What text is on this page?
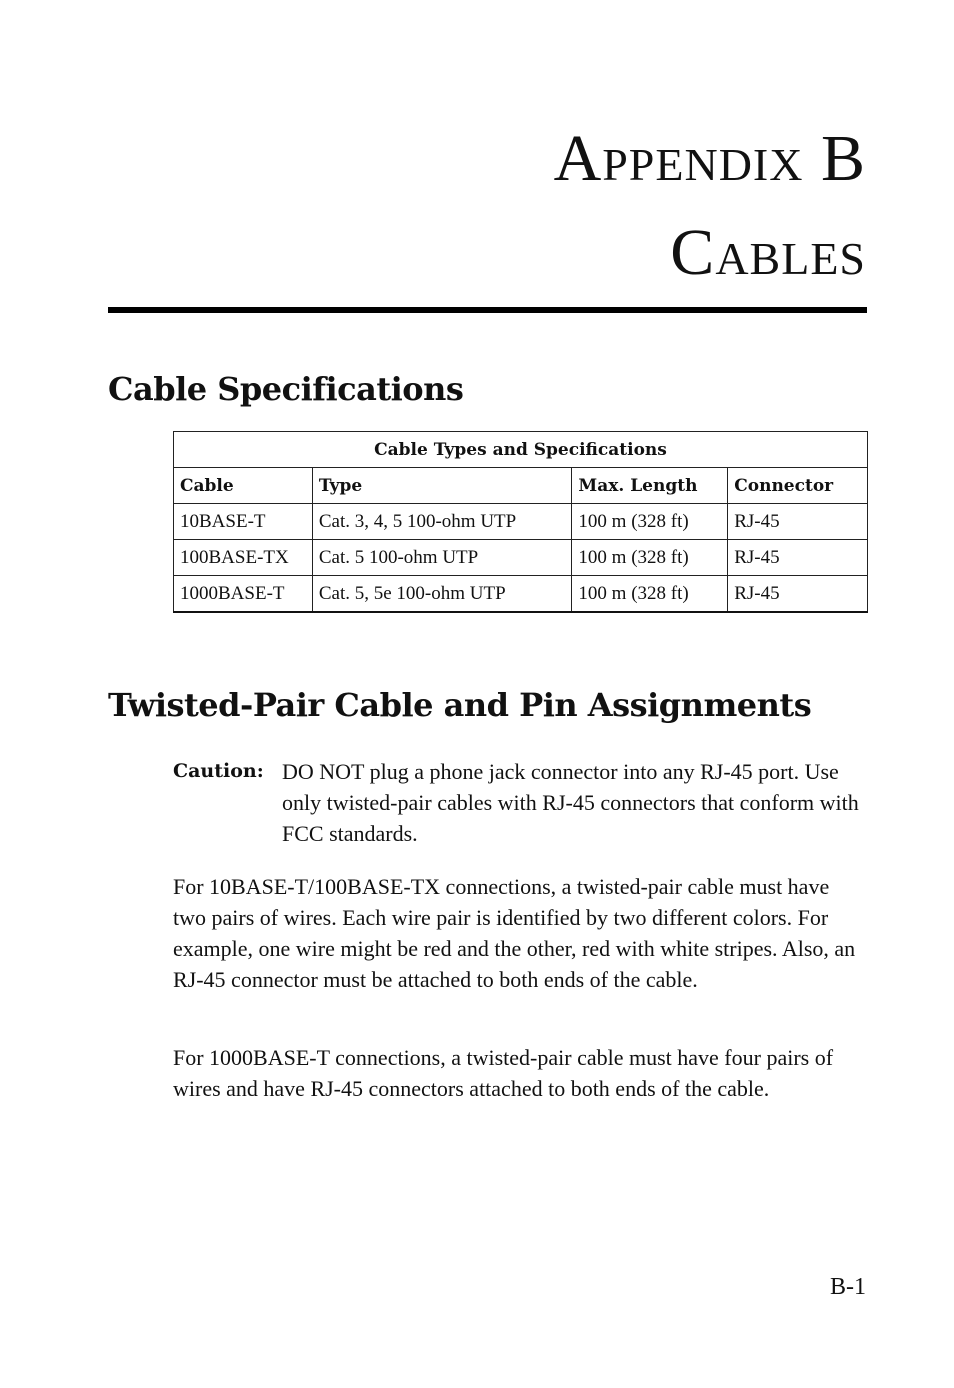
Appendix B
Cables
Cable Specifications
Cable Types and Specifications			
Cable	Type	Max. Length	Connector
10BASE-T	Cat. 3, 4, 5 100-ohm UTP	100 m (328 ft)	RJ-45
100BASE-TX	Cat. 5 100-ohm UTP	100 m (328 ft)	RJ-45
1000BASE-T	Cat. 5, 5e 100-ohm UTP	100 m (328 ft)	RJ-45
Twisted-Pair Cable and Pin Assignments
Caution: DO NOT plug a phone jack connector into any RJ-45 port. Use only twisted-pair cables with RJ-45 connectors that conform with FCC standards.

For 10BASE-T/100BASE-TX connections, a twisted-pair cable must have two pairs of wires. Each wire pair is identified by two different colors. For example, one wire might be red and the other, red with white stripes. Also, an RJ-45 connector must be attached to both ends of the cable.

For 1000BASE-T connections, a twisted-pair cable must have four pairs of wires and have RJ-45 connectors attached to both ends of the cable.

B-1
